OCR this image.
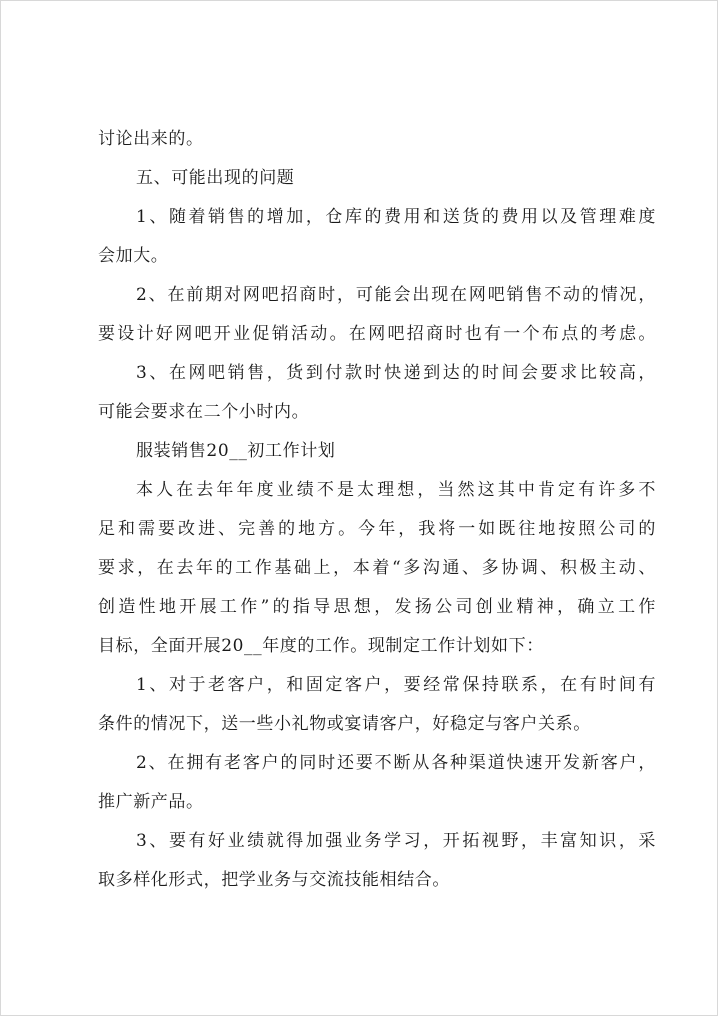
讨论出来的。
五、可能出现的问题
1、随着销售的增加，仓库的费用和送货的费用以及管理难度
会加大。
2、在前期对网吧招商时，可能会出现在网吧销售不动的情况，
要设计好网吧开业促销活动。在网吧招商时也有一个布点的考虑。
3、在网吧销售，货到付款时快递到达的时间会要求比较高，
可能会要求在二个小时内。
服装销售20__初工作计划
本人在去年年度业绩不是太理想，当然这其中肯定有许多不
足和需要改进、完善的地方。今年，我将一如既往地按照公司的
要求，在去年的工作基础上，本着“多沟通、多协调、积极主动、
创造性地开展工作”的指导思想，发扬公司创业精神，确立工作
目标，全面开展20__年度的工作。现制定工作计划如下：
1、对于老客户，和固定客户，要经常保持联系，在有时间有
条件的情况下，送一些小礼物或宴请客户，好稳定与客户关系。
2、在拥有老客户的同时还要不断从各种渠道快速开发新客户，
推广新产品。
3、要有好业绩就得加强业务学习，开拓视野，丰富知识，采
取多样化形式，把学业务与交流技能相结合。
